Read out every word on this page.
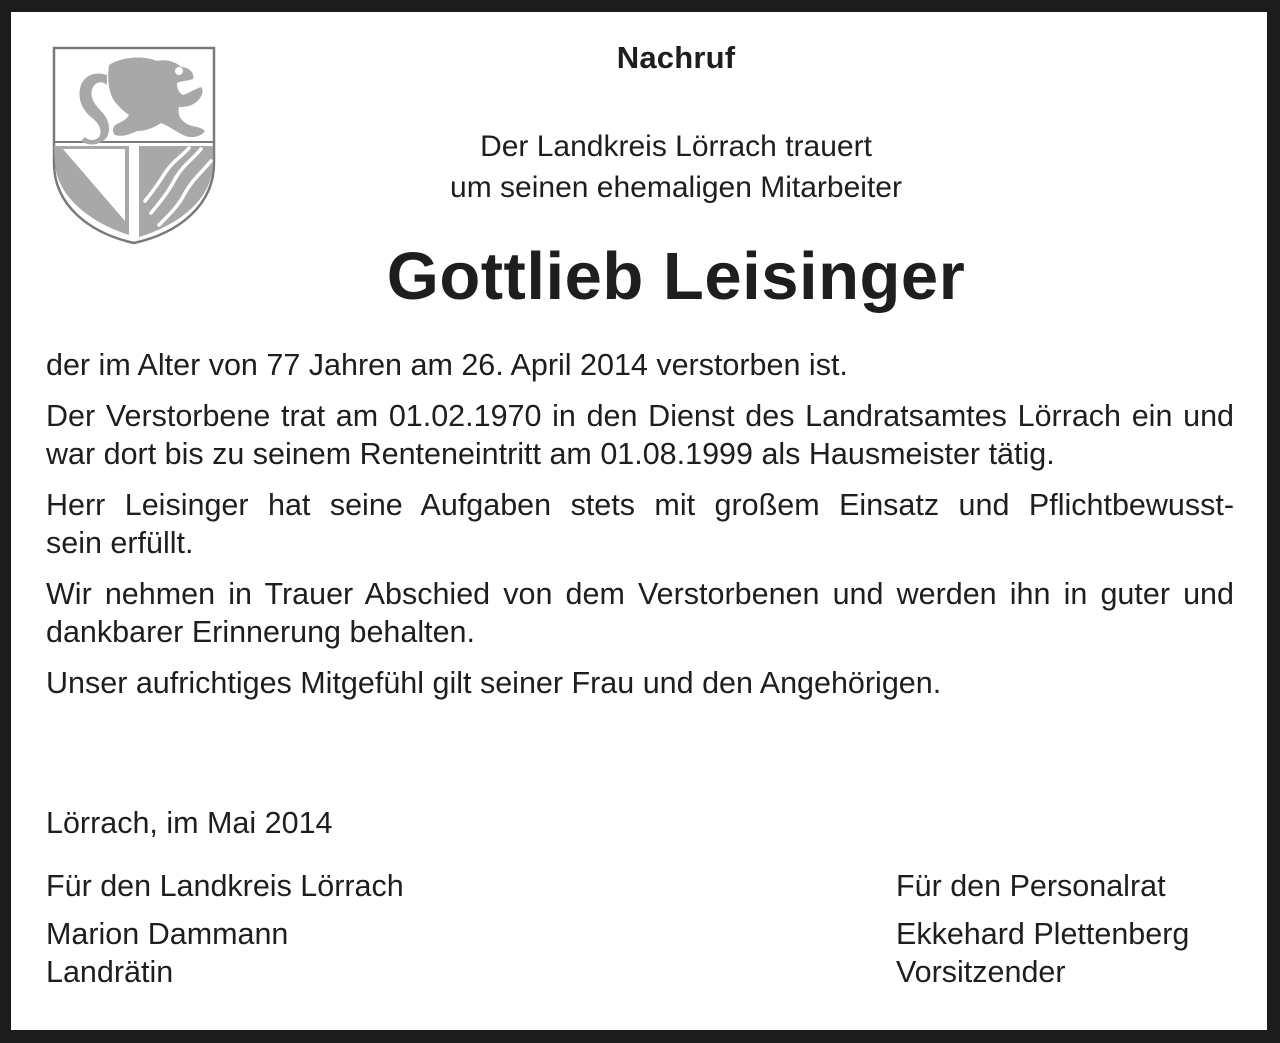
Nachruf
Der Landkreis Lörrach trauert
um seinen ehemaligen Mitarbeiter
Gottlieb Leisinger

der im Alter von 77 Jahren am 26. April 2014 verstorben ist.

Der Verstorbene trat am 01.02.1970 in den Dienst des Landratsamtes Lörrach ein und war dort bis zu seinem Renteneintritt am 01.08.1999 als Hausmeister tätig.

Herr Leisinger hat seine Aufgaben stets mit großem Einsatz und Pflichtbewusst-
sein erfüllt.

Wir nehmen in Trauer Abschied von dem Verstorbenen und werden ihn in guter und dankbarer Erinnerung behalten.

Unser aufrichtiges Mitgefühl gilt seiner Frau und den Angehörigen.

Lörrach, im Mai 2014
Für den Landkreis Lörrach
Marion Dammann
Landrätin
Für den Personalrat
Ekkehard Plettenberg
Vorsitzender
